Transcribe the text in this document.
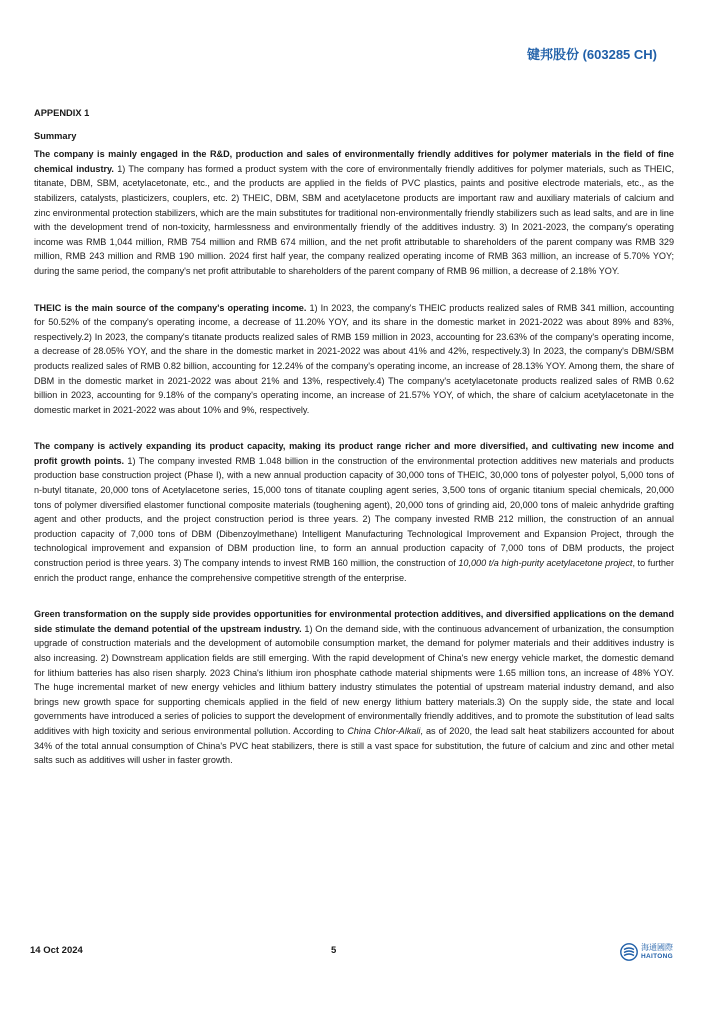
键邦股份 (603285 CH)
APPENDIX 1
Summary

The company is mainly engaged in the R&D, production and sales of environmentally friendly additives for polymer materials in the field of fine chemical industry. 1) The company has formed a product system with the core of environmentally friendly additives for polymer materials, such as THEIC, titanate, DBM, SBM, acetylacetonate, etc., and the products are applied in the fields of PVC plastics, paints and positive electrode materials, etc., as the stabilizers, catalysts, plasticizers, couplers, etc. 2) THEIC, DBM, SBM and acetylacetone products are important raw and auxiliary materials of calcium and zinc environmental protection stabilizers, which are the main substitutes for traditional non-environmentally friendly stabilizers such as lead salts, and are in line with the development trend of non-toxicity, harmlessness and environmentally friendly of the additives industry. 3) In 2021-2023, the company's operating income was RMB 1,044 million, RMB 754 million and RMB 674 million, and the net profit attributable to shareholders of the parent company was RMB 329 million, RMB 243 million and RMB 190 million. 2024 first half year, the company realized operating income of RMB 363 million, an increase of 5.70% YOY; during the same period, the company's net profit attributable to shareholders of the parent company of RMB 96 million, a decrease of 2.18% YOY.

THEIC is the main source of the company's operating income. 1) In 2023, the company's THEIC products realized sales of RMB 341 million, accounting for 50.52% of the company's operating income, a decrease of 11.20% YOY, and its share in the domestic market in 2021-2022 was about 89% and 83%, respectively.2) In 2023, the company's titanate products realized sales of RMB 159 million in 2023, accounting for 23.63% of the company's operating income, a decrease of 28.05% YOY, and the share in the domestic market in 2021-2022 was about 41% and 42%, respectively.3) In 2023, the company's DBM/SBM products realized sales of RMB 0.82 billion, accounting for 12.24% of the company's operating income, an increase of 28.13% YOY. Among them, the share of DBM in the domestic market in 2021-2022 was about 21% and 13%, respectively.4) The company's acetylacetonate products realized sales of RMB 0.62 billion in 2023, accounting for 9.18% of the company's operating income, an increase of 21.57% YOY, of which, the share of calcium acetylacetonate in the domestic market in 2021-2022 was about 10% and 9%, respectively.

The company is actively expanding its product capacity, making its product range richer and more diversified, and cultivating new income and profit growth points. 1) The company invested RMB 1.048 billion in the construction of the environmental protection additives new materials and products production base construction project (Phase I), with a new annual production capacity of 30,000 tons of THEIC, 30,000 tons of polyester polyol, 5,000 tons of n-butyl titanate, 20,000 tons of Acetylacetone series, 15,000 tons of titanate coupling agent series, 3,500 tons of organic titanium special chemicals, 20,000 tons of polymer diversified elastomer functional composite materials (toughening agent), 20,000 tons of grinding aid, 20,000 tons of maleic anhydride grafting agent and other products, and the project construction period is three years. 2) The company invested RMB 212 million, the construction of an annual production capacity of 7,000 tons of DBM (Dibenzoylmethane) Intelligent Manufacturing Technological Improvement and Expansion Project, through the technological improvement and expansion of DBM production line, to form an annual production capacity of 7,000 tons of DBM products, the project construction period is three years. 3) The company intends to invest RMB 160 million, the construction of 10,000 t/a high-purity acetylacetone project, to further enrich the product range, enhance the comprehensive competitive strength of the enterprise.

Green transformation on the supply side provides opportunities for environmental protection additives, and diversified applications on the demand side stimulate the demand potential of the upstream industry. 1) On the demand side, with the continuous advancement of urbanization, the consumption upgrade of construction materials and the development of automobile consumption market, the demand for polymer materials and their additives industry is also increasing. 2) Downstream application fields are still emerging. With the rapid development of China's new energy vehicle market, the domestic demand for lithium batteries has also risen sharply. 2023 China's lithium iron phosphate cathode material shipments were 1.65 million tons, an increase of 48% YOY. The huge incremental market of new energy vehicles and lithium battery industry stimulates the potential of upstream material industry demand, and also brings new growth space for supporting chemicals applied in the field of new energy lithium battery materials.3) On the supply side, the state and local governments have introduced a series of policies to support the development of environmentally friendly additives, and to promote the substitution of lead salts additives with high toxicity and serious environmental pollution. According to China Chlor-Alkali, as of 2020, the lead salt heat stabilizers accounted for about 34% of the total annual consumption of China's PVC heat stabilizers, there is still a vast space for substitution, the future of calcium and zinc and other metal salts such as additives will usher in faster growth.

14 Oct 2024	5	海通國際
HAITONG
